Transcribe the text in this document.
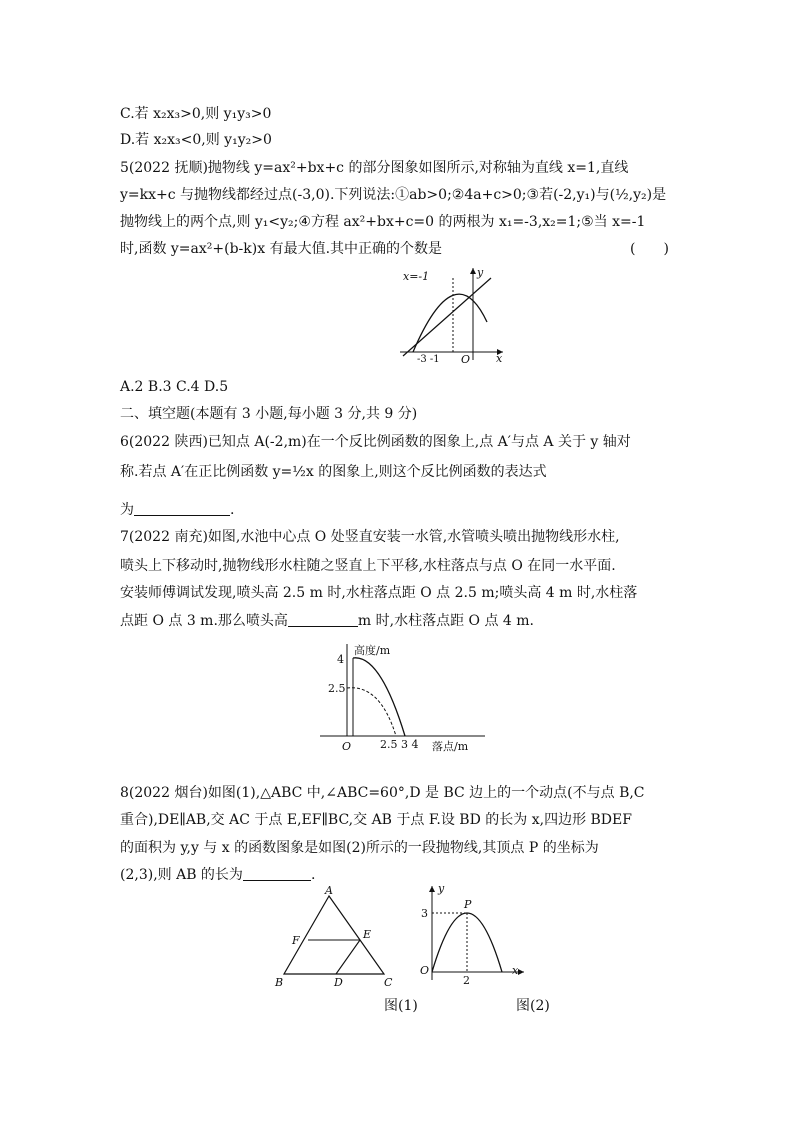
C.若 x₂x₃>0,则 y₁y₃>0
D.若 x₂x₃<0,则 y₁y₂>0
5(2022 抚顺)抛物线 y=ax²+bx+c 的部分图象如图所示,对称轴为直线 x=1,直线
y=kx+c 与抛物线都经过点(-3,0).下列说法:①ab>0;②4a+c>0;③若(-2,y₁)与(½,y₂)是
抛物线上的两个点,则 y₁<y₂;④方程 ax²+bx+c=0 的两根为 x₁=-3,x₂=1;⑤当 x=-1
时,函数 y=ax²+(b-k)x 有最大值.其中正确的个数是	(　　)
x=-1	y
x
O
-3 -1
A.2 B.3 C.4 D.5
二、填空题(本题有 3 小题,每小题 3 分,共 9 分)
6(2022 陕西)已知点 A(-2,m)在一个反比例函数的图象上,点 A′与点 A 关于 y 轴对
称.若点 A′在正比例函数 y=½x 的图象上,则这个反比例函数的表达式
为	.
7(2022 南充)如图,水池中心点 O 处竖直安装一水管,水管喷头喷出抛物线形水柱,
喷头上下移动时,抛物线形水柱随之竖直上下平移,水柱落点与点 O 在同一水平面.
安装师傅调试发现,喷头高 2.5 m 时,水柱落点距 O 点 2.5 m;喷头高 4 m 时,水柱落
点距 O 点 3 m.那么喷头高	m 时,水柱落点距 O 点 4 m.
高度/m
落点/m
4
2.5
O	2.5 3 4
8(2022 烟台)如图(1),△ABC 中,∠ABC=60°,D 是 BC 边上的一个动点(不与点 B,C
重合),DE∥AB,交 AC 于点 E,EF∥BC,交 AB 于点 F.设 BD 的长为 x,四边形 BDEF
的面积为 y,y 与 x 的函数图象是如图(2)所示的一段抛物线,其顶点 P 的坐标为
(2,3),则 AB 的长为	.
A
B	C
D
E
F
图(1)
y
x
O
P
3
2
图(2)
